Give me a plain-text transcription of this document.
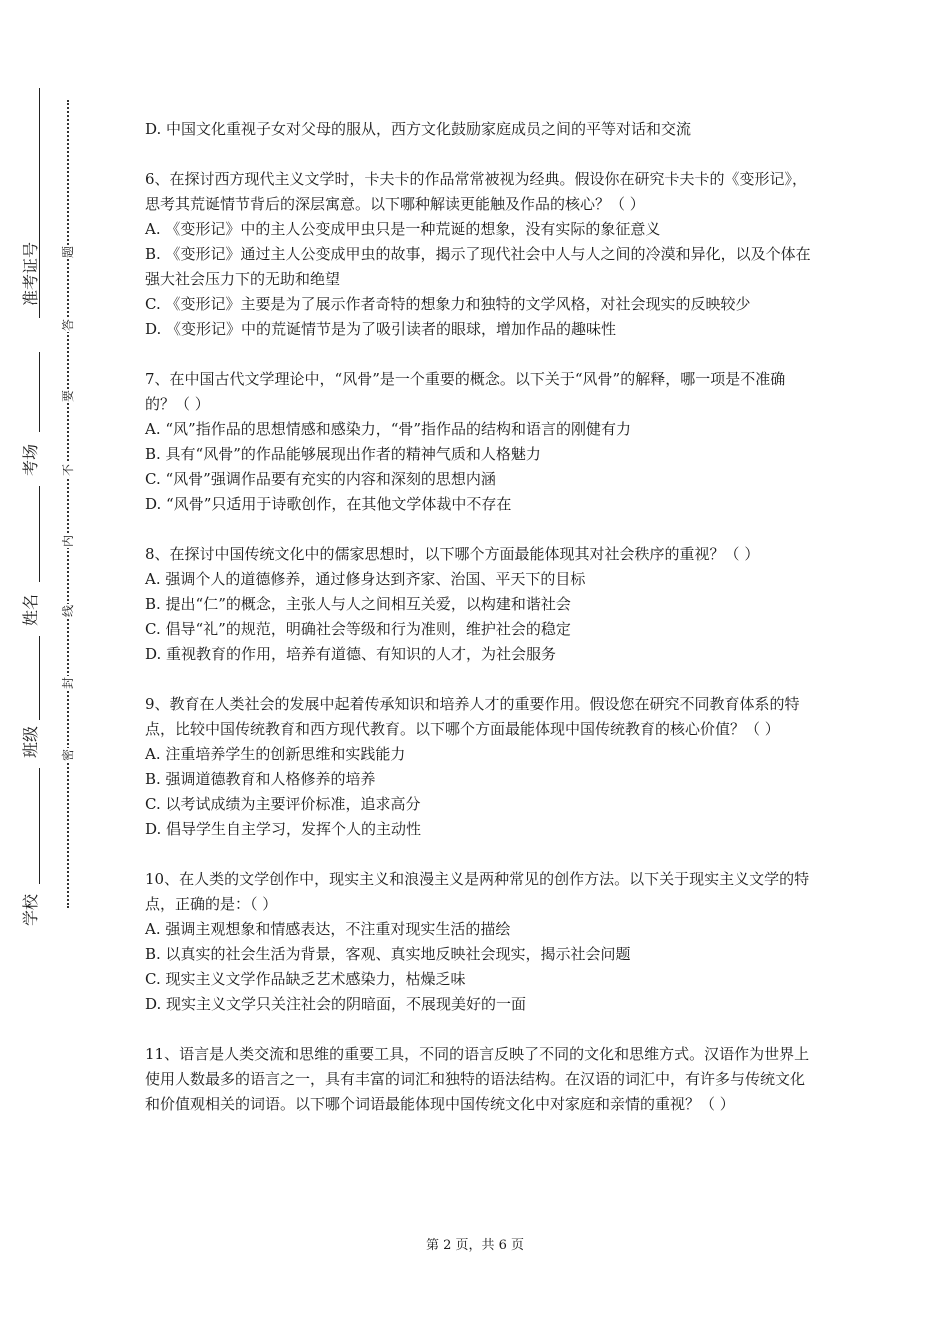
准考证号
考场
姓名
班级
学校
题
答
要
不
内
线
封
密

D. 中国文化重视子女对父母的服从，西方文化鼓励家庭成员之间的平等对话和交流

6、在探讨西方现代主义文学时，卡夫卡的作品常常被视为经典。假设你在研究卡夫卡的《变形记》，思考其荒诞情节背后的深层寓意。以下哪种解读更能触及作品的核心？（ ）

A. 《变形记》中的主人公变成甲虫只是一种荒诞的想象，没有实际的象征意义

B. 《变形记》通过主人公变成甲虫的故事，揭示了现代社会中人与人之间的冷漠和异化，以及个体在强大社会压力下的无助和绝望

C. 《变形记》主要是为了展示作者奇特的想象力和独特的文学风格，对社会现实的反映较少

D. 《变形记》中的荒诞情节是为了吸引读者的眼球，增加作品的趣味性

7、在中国古代文学理论中，“风骨”是一个重要的概念。以下关于“风骨”的解释，哪一项是不准确的？（ ）

A. “风”指作品的思想情感和感染力，“骨”指作品的结构和语言的刚健有力

B. 具有“风骨”的作品能够展现出作者的精神气质和人格魅力

C. “风骨”强调作品要有充实的内容和深刻的思想内涵

D. “风骨”只适用于诗歌创作，在其他文学体裁中不存在

8、在探讨中国传统文化中的儒家思想时，以下哪个方面最能体现其对社会秩序的重视？（ ）

A. 强调个人的道德修养，通过修身达到齐家、治国、平天下的目标

B. 提出“仁”的概念，主张人与人之间相互关爱，以构建和谐社会

C. 倡导“礼”的规范，明确社会等级和行为准则，维护社会的稳定

D. 重视教育的作用，培养有道德、有知识的人才，为社会服务

9、教育在人类社会的发展中起着传承知识和培养人才的重要作用。假设您在研究不同教育体系的特点，比较中国传统教育和西方现代教育。以下哪个方面最能体现中国传统教育的核心价值？（ ）

A. 注重培养学生的创新思维和实践能力

B. 强调道德教育和人格修养的培养

C. 以考试成绩为主要评价标准，追求高分

D. 倡导学生自主学习，发挥个人的主动性

10、在人类的文学创作中，现实主义和浪漫主义是两种常见的创作方法。以下关于现实主义文学的特点，正确的是：（ ）

A. 强调主观想象和情感表达，不注重对现实生活的描绘

B. 以真实的社会生活为背景，客观、真实地反映社会现实，揭示社会问题

C. 现实主义文学作品缺乏艺术感染力，枯燥乏味

D. 现实主义文学只关注社会的阴暗面，不展现美好的一面

11、语言是人类交流和思维的重要工具，不同的语言反映了不同的文化和思维方式。汉语作为世界上使用人数最多的语言之一，具有丰富的词汇和独特的语法结构。在汉语的词汇中，有许多与传统文化和价值观相关的词语。以下哪个词语最能体现中国传统文化中对家庭和亲情的重视？（ ）

第 2 页，共 6 页
